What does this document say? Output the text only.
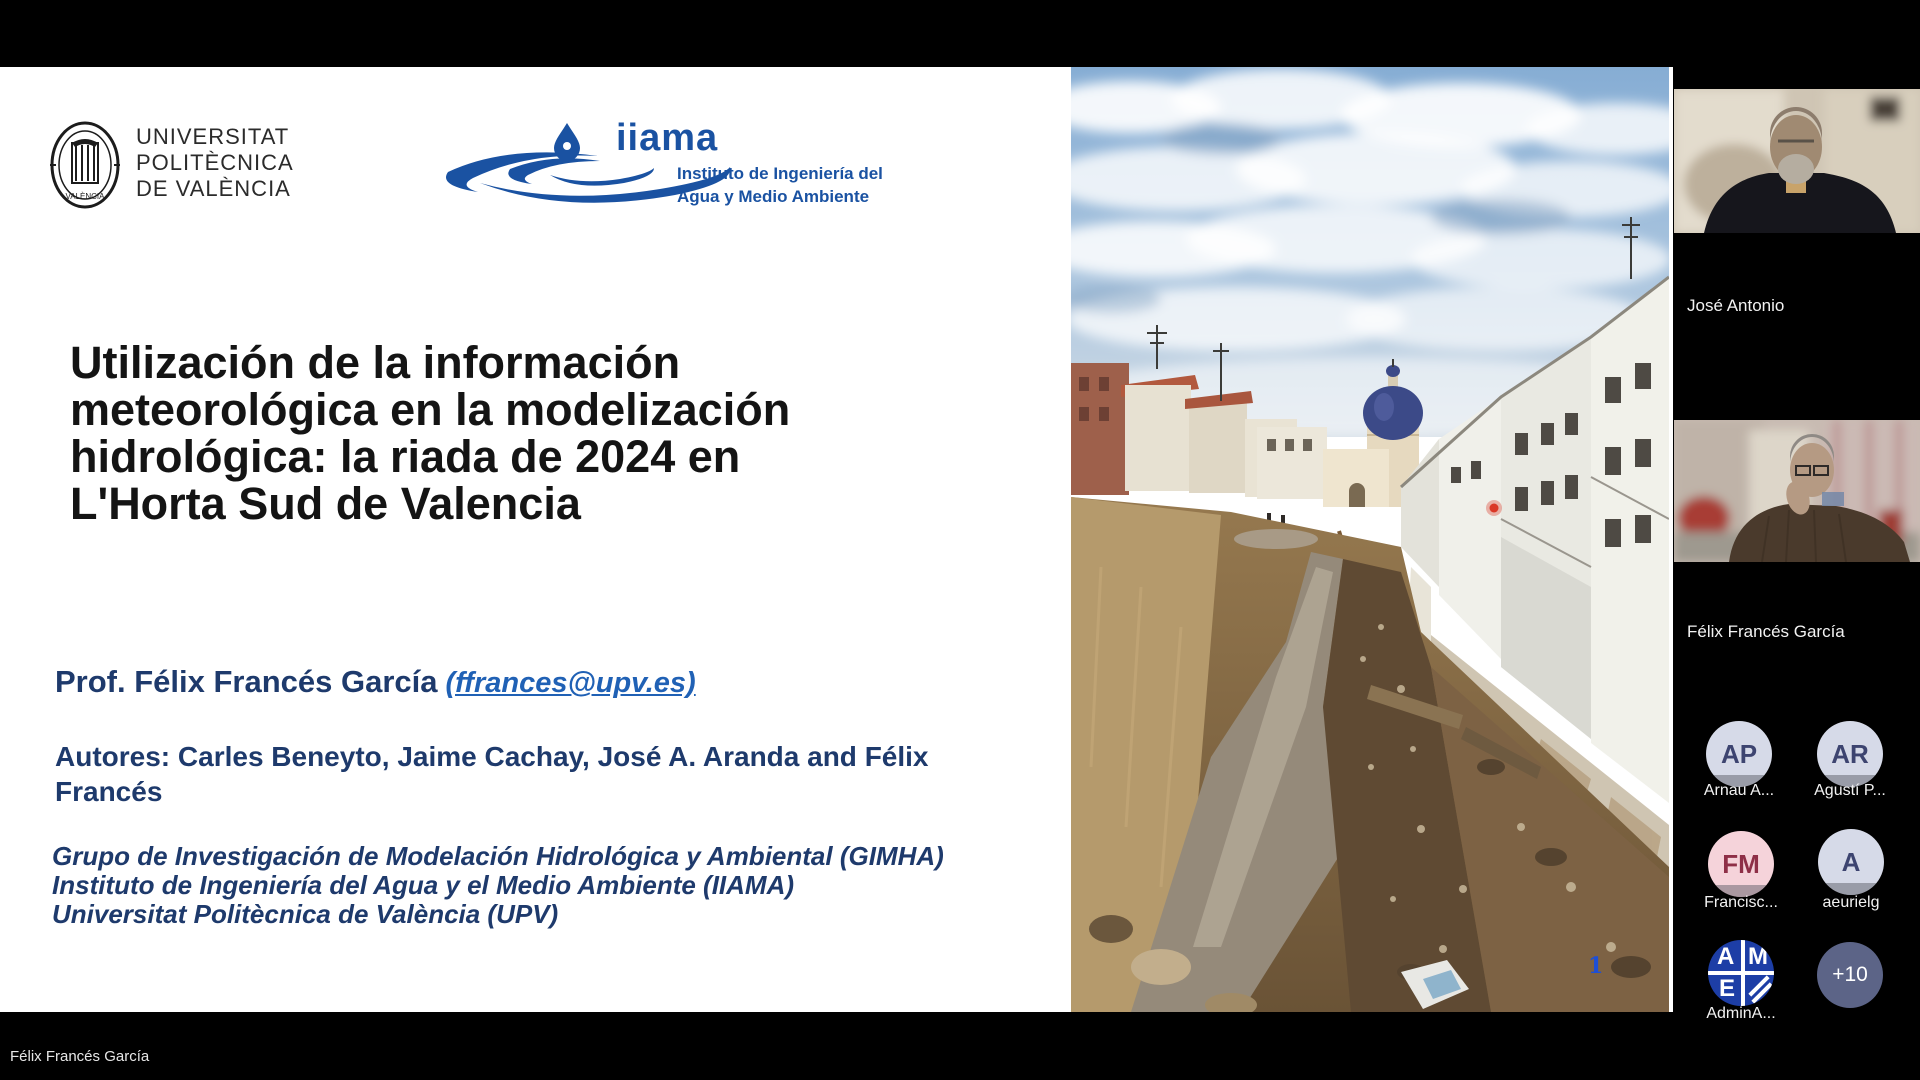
VALÈNCIA
UNIVERSITAT
POLITÈCNICA
DE VALÈNCIA
iiama
Instituto de Ingeniería del
Agua y Medio Ambiente
Utilización de la información
meteorológica en la modelización
hidrológica: la riada de 2024 en
L'Horta Sud de Valencia
Prof. Félix Francés García (ffrances@upv.es)
Autores: Carles Beneyto, Jaime Cachay, José A. Aranda and Félix Francés
Grupo de Investigación de Modelación Hidrológica y Ambiental (GIMHA)
Instituto de Ingeniería del Agua y el Medio Ambiente (IIAMA)
Universitat Politècnica de València (UPV)
1
José Antonio
Félix Francés García
AP	AR
Arnau A...	Agustí P...
FM	A
Francisc...	aeurielg
A M
E
+10
AdminA...
Félix Francés García
